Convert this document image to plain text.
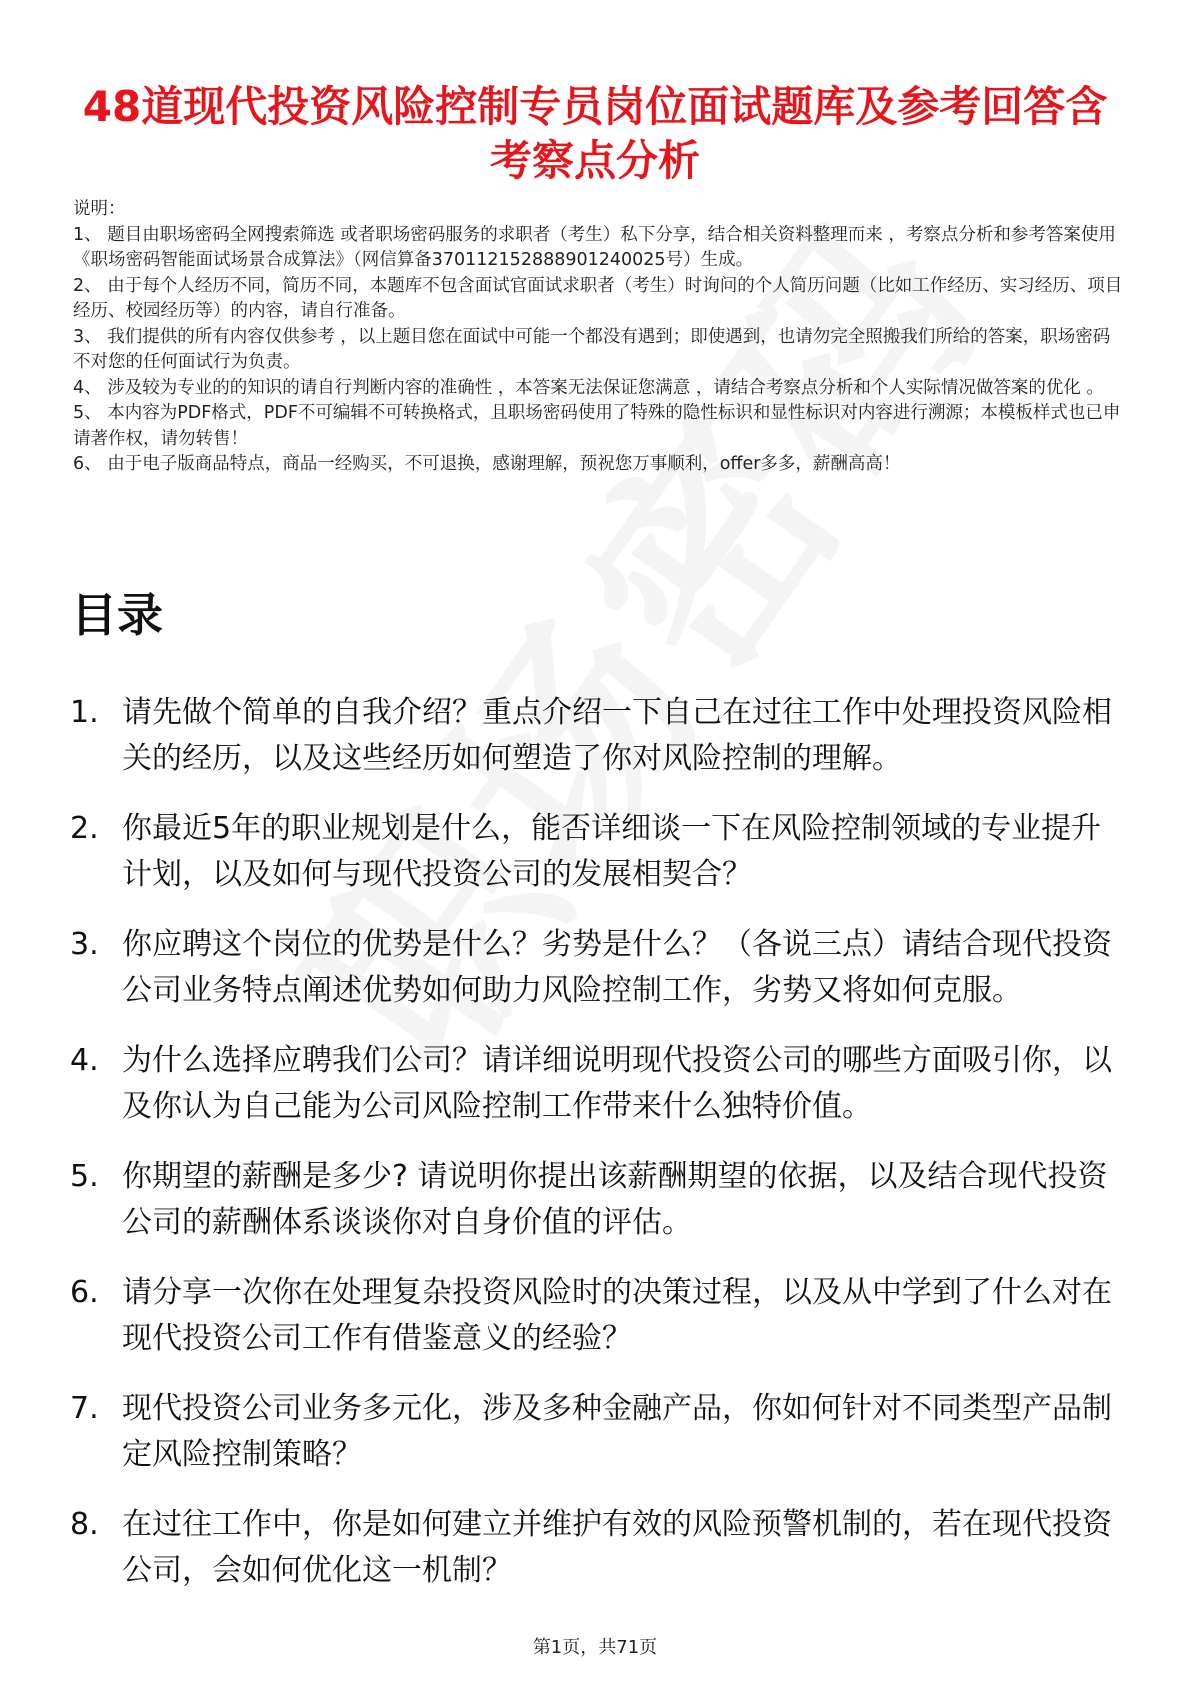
48道现代投资风险控制专员岗位面试题库及参考回答含考察点分析

说明：

1、 题目由职场密码全网搜索筛选 或者职场密码服务的求职者（考生）私下分享，结合相关资料整理而来 ，考察点分析和参考答案使用《职场密码智能面试场景合成算法》（网信算备370112152888901240025号）生成。

2、 由于每个人经历不同，简历不同，本题库不包含面试官面试求职者（考生）时询问的个人简历问题（比如工作经历、实习经历、项目经历、校园经历等）的内容，请自行准备。

3、 我们提供的所有内容仅供参考 ，以上题目您在面试中可能一个都没有遇到；即使遇到，也请勿完全照搬我们所给的答案，职场密码不对您的任何面试行为负责。

4、 涉及较为专业的的知识的请自行判断内容的准确性 ，本答案无法保证您满意 ，请结合考察点分析和个人实际情况做答案的优化 。

5、 本内容为PDF格式，PDF不可编辑不可转换格式，且职场密码使用了特殊的隐性标识和显性标识对内容进行溯源；本模板样式也已申请著作权，请勿转售！

6、 由于电子版商品特点，商品一经购买，不可退换，感谢理解，预祝您万事顺利，offer多多，薪酬高高！

目录
1. 请先做个简单的自我介绍？重点介绍一下自己在过往工作中处理投资风险相关的经历，以及这些经历如何塑造了你对风险控制的理解。
2. 你最近5年的职业规划是什么，能否详细谈一下在风险控制领域的专业提升计划，以及如何与现代投资公司的发展相契合？
3. 你应聘这个岗位的优势是什么？劣势是什么？（各说三点）请结合现代投资公司业务特点阐述优势如何助力风险控制工作，劣势又将如何克服。
4. 为什么选择应聘我们公司？请详细说明现代投资公司的哪些方面吸引你，以及你认为自己能为公司风险控制工作带来什么独特价值。
5. 你期望的薪酬是多少? 请说明你提出该薪酬期望的依据，以及结合现代投资公司的薪酬体系谈谈你对自身价值的评估。
6. 请分享一次你在处理复杂投资风险时的决策过程，以及从中学到了什么对在现代投资公司工作有借鉴意义的经验？
7. 现代投资公司业务多元化，涉及多种金融产品，你如何针对不同类型产品制定风险控制策略？
8. 在过往工作中，你是如何建立并维护有效的风险预警机制的，若在现代投资公司，会如何优化这一机制？
第1页，共71页
